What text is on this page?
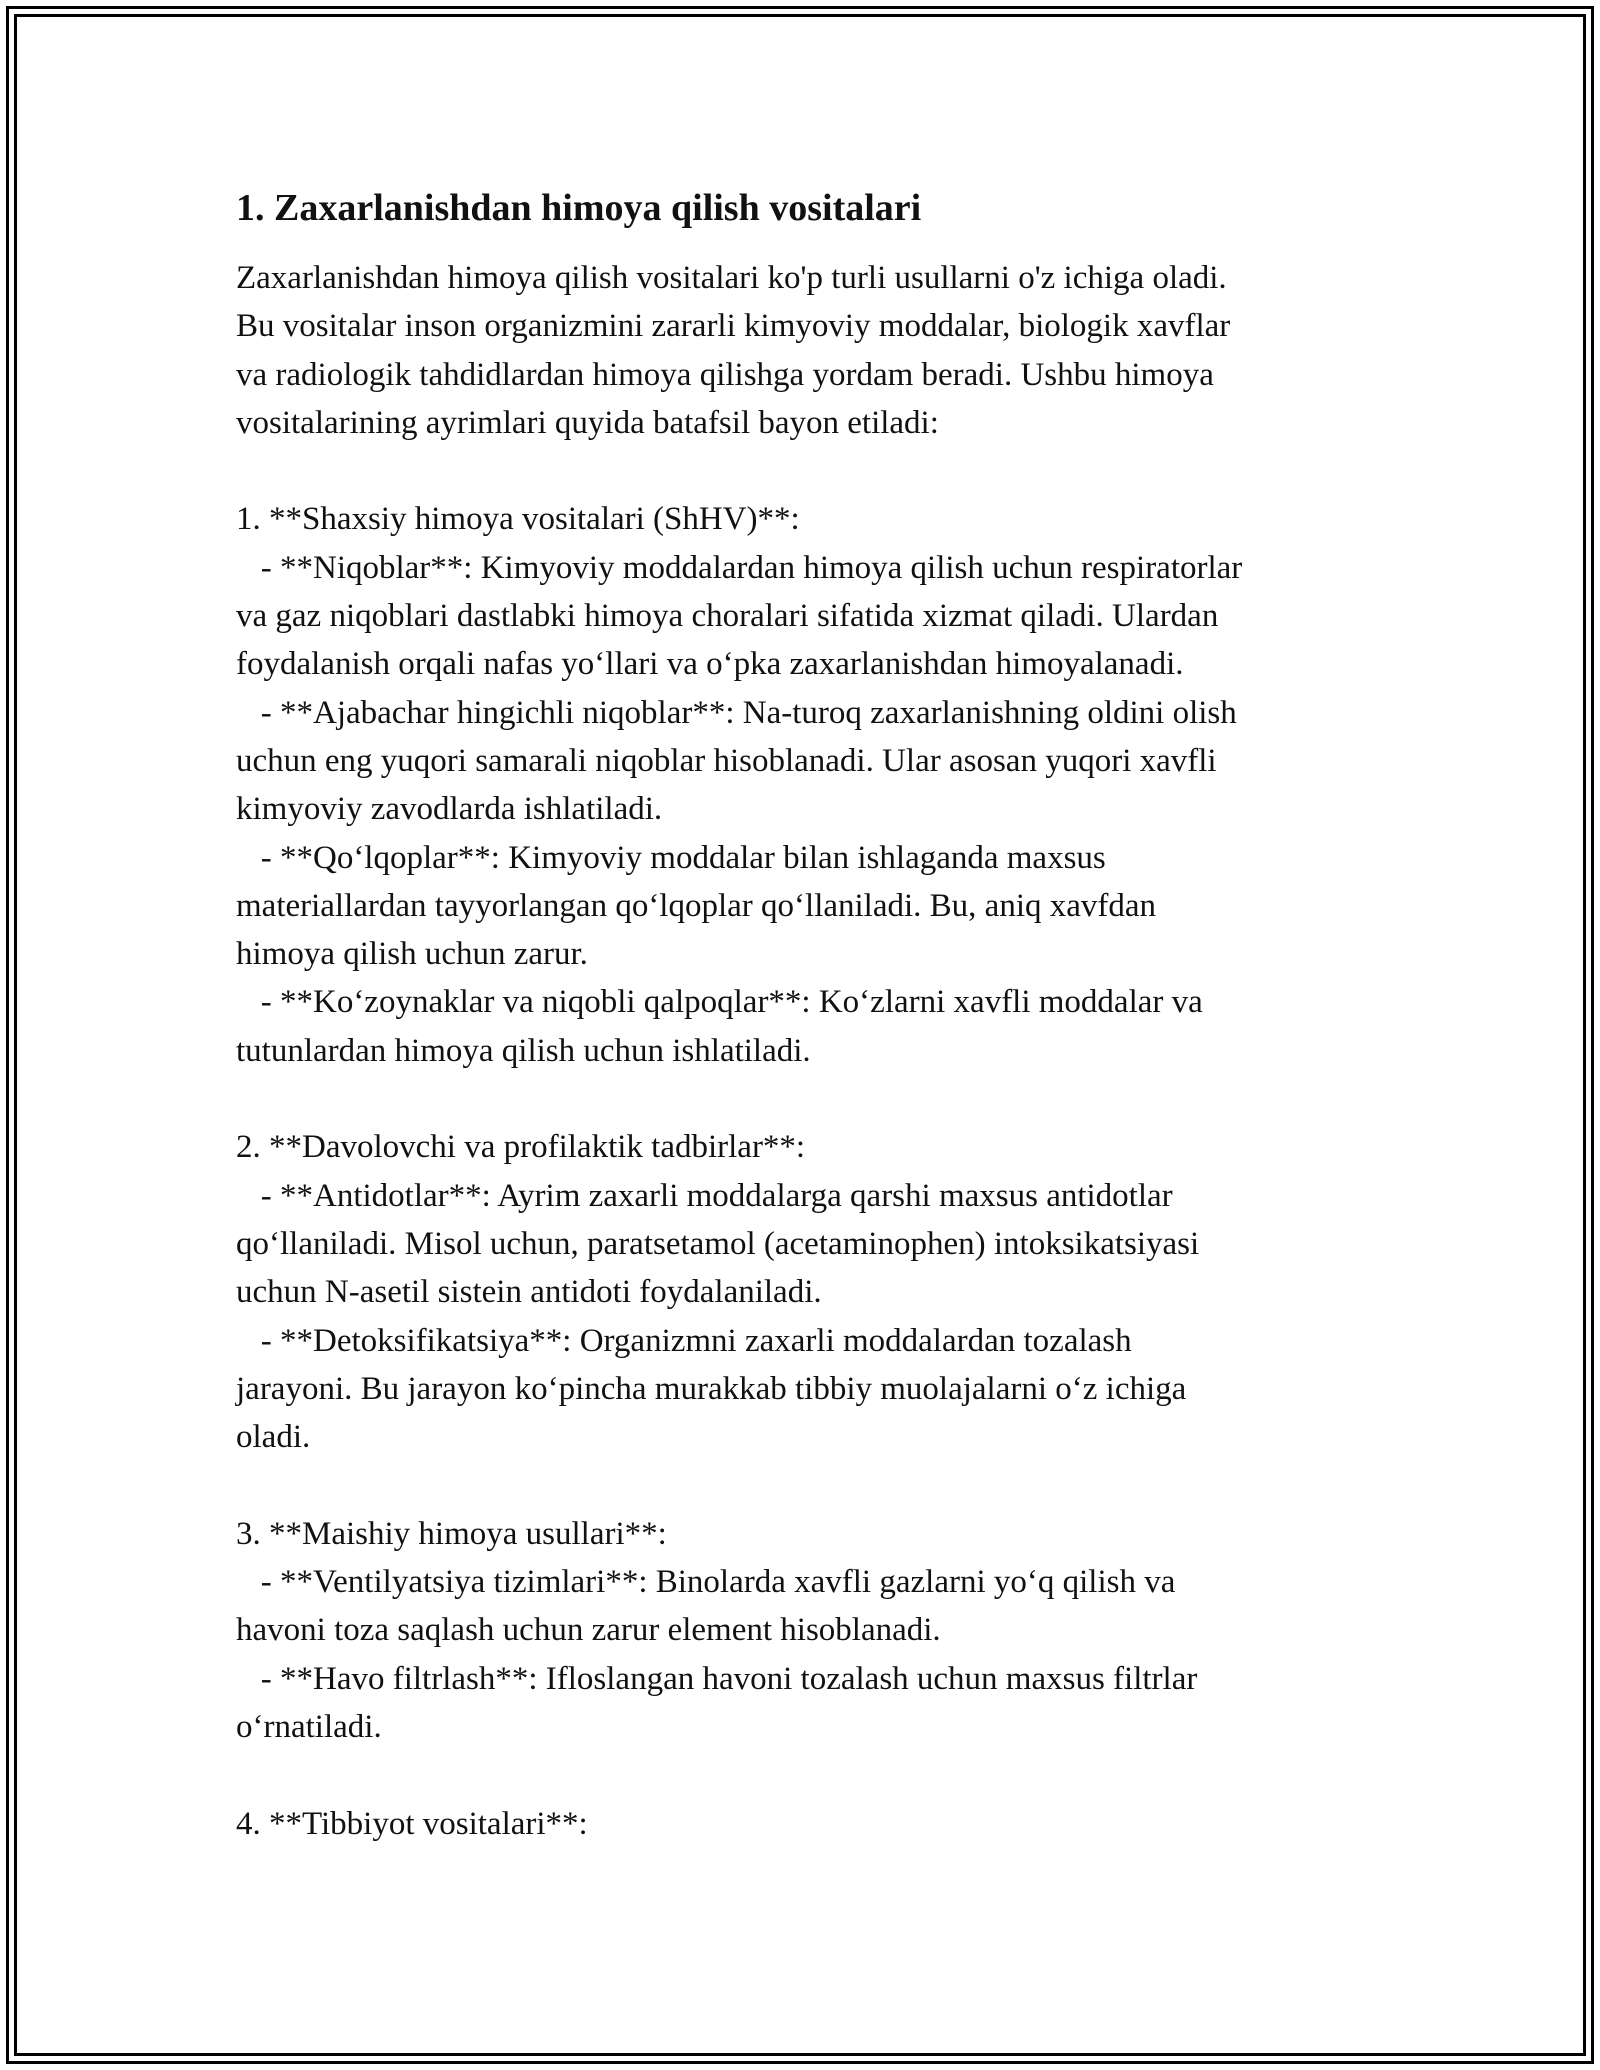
1. Zaxarlanishdan himoya qilish vositalari

Zaxarlanishdan himoya qilish vositalari ko'p turli usullarni o'z ichiga oladi.
Bu vositalar inson organizmini zararli kimyoviy moddalar, biologik xavflar
va radiologik tahdidlardan himoya qilishga yordam beradi. Ushbu himoya
vositalarining ayrimlari quyida batafsil bayon etiladi:

1. **Shaxsiy himoya vositalari (ShHV)**:
- **Niqoblar**: Kimyoviy moddalardan himoya qilish uchun respiratorlar
va gaz niqoblari dastlabki himoya choralari sifatida xizmat qiladi. Ulardan
foydalanish orqali nafas yo‘llari va o‘pka zaxarlanishdan himoyalanadi.
- **Ajabachar hingichli niqoblar**: Na-turoq zaxarlanishning oldini olish
uchun eng yuqori samarali niqoblar hisoblanadi. Ular asosan yuqori xavfli
kimyoviy zavodlarda ishlatiladi.
- **Qo‘lqoplar**: Kimyoviy moddalar bilan ishlaganda maxsus
materiallardan tayyorlangan qo‘lqoplar qo‘llaniladi. Bu, aniq xavfdan
himoya qilish uchun zarur.
- **Ko‘zoynaklar va niqobli qalpoqlar**: Ko‘zlarni xavfli moddalar va
tutunlardan himoya qilish uchun ishlatiladi.

2. **Davolovchi va profilaktik tadbirlar**:
- **Antidotlar**: Ayrim zaxarli moddalarga qarshi maxsus antidotlar
qo‘llaniladi. Misol uchun, paratsetamol (acetaminophen) intoksikatsiyasi
uchun N-asetil sistein antidoti foydalaniladi.
- **Detoksifikatsiya**: Organizmni zaxarli moddalardan tozalash
jarayoni. Bu jarayon ko‘pincha murakkab tibbiy muolajalarni o‘z ichiga
oladi.

3. **Maishiy himoya usullari**:
- **Ventilyatsiya tizimlari**: Binolarda xavfli gazlarni yo‘q qilish va
havoni toza saqlash uchun zarur element hisoblanadi.
- **Havo filtrlash**: Ifloslangan havoni tozalash uchun maxsus filtrlar
o‘rnatiladi.

4. **Tibbiyot vositalari**:
